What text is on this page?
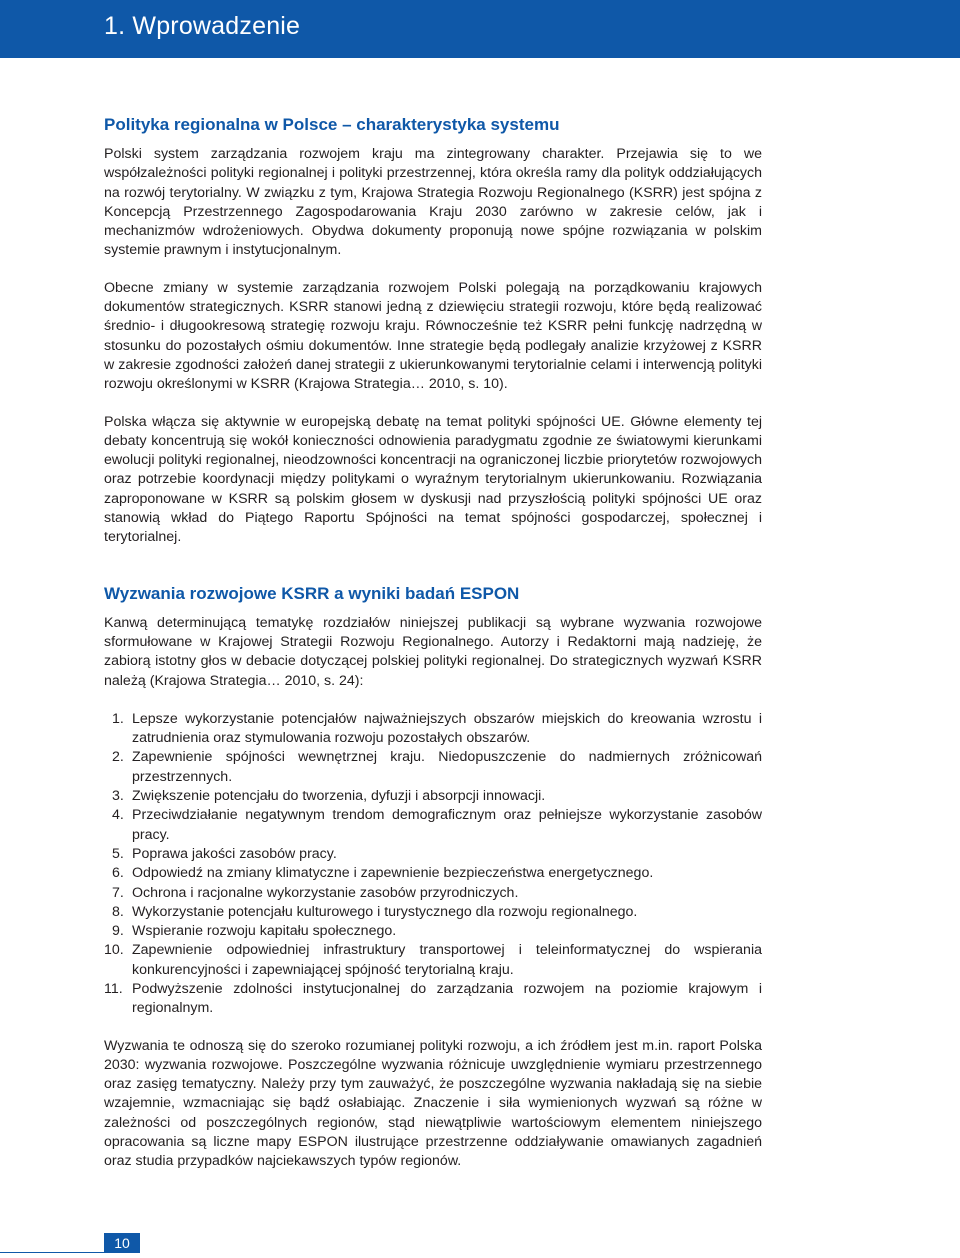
1. Wprowadzenie
Polityka regionalna w Polsce – charakterystyka systemu

Polski system zarządzania rozwojem kraju ma zintegrowany charakter. Przejawia się to we współzależności polityki regionalnej i polityki przestrzennej, która określa ramy dla polityk oddziałujących na rozwój terytorialny. W związku z tym, Krajowa Strategia Rozwoju Regionalnego (KSRR) jest spójna z Koncepcją Przestrzennego Zagospodarowania Kraju 2030 zarówno w zakresie celów, jak i mechanizmów wdrożeniowych. Obydwa dokumenty proponują nowe spójne rozwiązania w polskim systemie prawnym i instytucjonalnym.

Obecne zmiany w systemie zarządzania rozwojem Polski polegają na porządkowaniu krajowych dokumentów strategicznych. KSRR stanowi jedną z dziewięciu strategii rozwoju, które będą realizować średnio- i długookresową strategię rozwoju kraju. Równocześnie też KSRR pełni funkcję nadrzędną w stosunku do pozostałych ośmiu dokumentów. Inne strategie będą podlegały analizie krzyżowej z KSRR w zakresie zgodności założeń danej strategii z ukierunkowanymi terytorialnie celami i interwencją polityki rozwoju określonymi w KSRR (Krajowa Strategia… 2010, s. 10).

Polska włącza się aktywnie w europejską debatę na temat polityki spójności UE. Główne elementy tej debaty koncentrują się wokół konieczności odnowienia paradygmatu zgodnie ze światowymi kierunkami ewolucji polityki regionalnej, nieodzowności koncentracji na ograniczonej liczbie priorytetów rozwojowych oraz potrzebie koordynacji między politykami o wyraźnym terytorialnym ukierunkowaniu. Rozwiązania zaproponowane w KSRR są polskim głosem w dyskusji nad przyszłością polityki spójności UE oraz stanowią wkład do Piątego Raportu Spójności na temat spójności gospodarczej, społecznej i terytorialnej.

Wyzwania rozwojowe KSRR a wyniki badań ESPON

Kanwą determinującą tematykę rozdziałów niniejszej publikacji są wybrane wyzwania rozwojowe sformułowane w Krajowej Strategii Rozwoju Regionalnego. Autorzy i Redaktorni mają nadzieję, że zabiorą istotny głos w debacie dotyczącej polskiej polityki regionalnej. Do strategicznych wyzwań KSRR należą (Krajowa Strategia… 2010, s. 24):

1. Lepsze wykorzystanie potencjałów najważniejszych obszarów miejskich do kreowania wzrostu i zatrudnienia oraz stymulowania rozwoju pozostałych obszarów.
2. Zapewnienie spójności wewnętrznej kraju. Niedopuszczenie do nadmiernych zróżnicowań przestrzennych.
3. Zwiększenie potencjału do tworzenia, dyfuzji i absorpcji innowacji.
4. Przeciwdziałanie negatywnym trendom demograficznym oraz pełniejsze wykorzystanie zasobów pracy.
5. Poprawa jakości zasobów pracy.
6. Odpowiedź na zmiany klimatyczne i zapewnienie bezpieczeństwa energetycznego.
7. Ochrona i racjonalne wykorzystanie zasobów przyrodniczych.
8. Wykorzystanie potencjału kulturowego i turystycznego dla rozwoju regionalnego.
9. Wspieranie rozwoju kapitału społecznego.
10. Zapewnienie odpowiedniej infrastruktury transportowej i teleinformatycznej do wspierania konkurencyjności i zapewniającej spójność terytorialną kraju.
11. Podwyższenie zdolności instytucjonalnej do zarządzania rozwojem na poziomie krajowym i regionalnym.

Wyzwania te odnoszą się do szeroko rozumianej polityki rozwoju, a ich źródłem jest m.in. raport Polska 2030: wyzwania rozwojowe. Poszczególne wyzwania różnicuje uwzględnienie wymiaru przestrzennego oraz zasięg tematyczny. Należy przy tym zauważyć, że poszczególne wyzwania nakładają się na siebie wzajemnie, wzmacniając się bądź osłabiając. Znaczenie i siła wymienionych wyzwań są różne w zależności od poszczególnych regionów, stąd niewątpliwie wartościowym elementem niniejszego opracowania są liczne mapy ESPON ilustrujące przestrzenne oddziaływanie omawianych zagadnień oraz studia przypadków najciekawszych typów regionów.

10
